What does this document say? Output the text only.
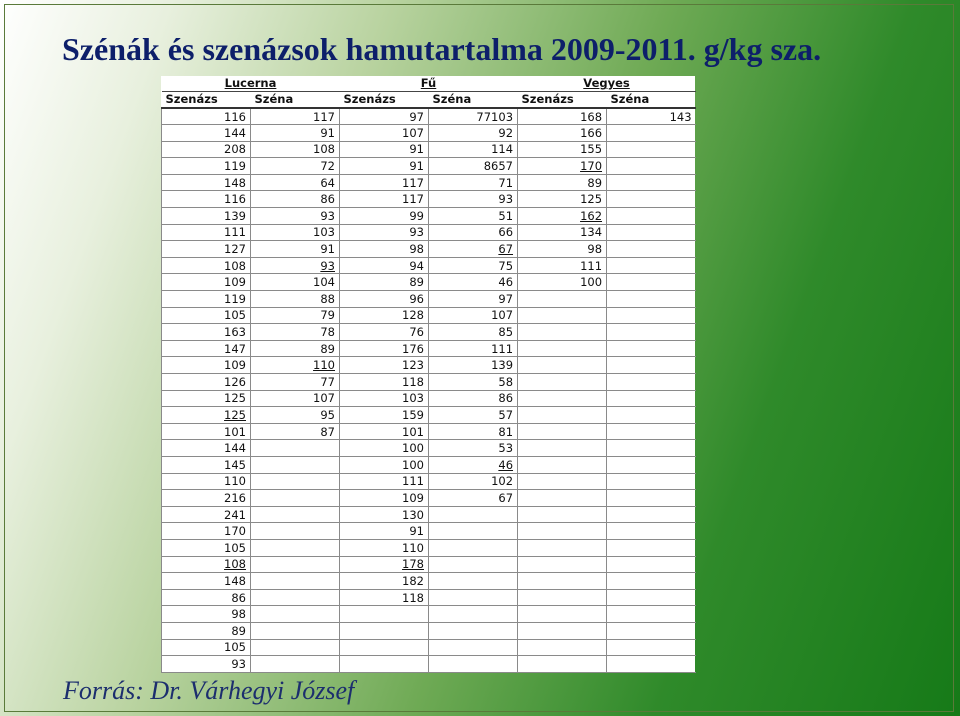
Szénák és szenázsok hamutartalma 2009-2011. g/kg sza.
Lucerna		Fű		Vegyes	
Szenázs	Széna	Szenázs	Széna	Szenázs	Széna
116	117	97	77103	168	143
144	91	107	92	166	
208	108	91	114	155	
119	72	91	8657	170	
148	64	117	71	89	
116	86	117	93	125	
139	93	99	51	162	
111	103	93	66	134	
127	91	98	67	98	
108	93	94	75	111	
109	104	89	46	100	
119	88	96	97		
105	79	128	107		
163	78	76	85		
147	89	176	111		
109	110	123	139		
126	77	118	58		
125	107	103	86		
125	95	159	57		
101	87	101	81		
144		100	53		
145		100	46		
110		111	102		
216		109	67		
241		130			
170		91			
105		110			
108		178			
148		182			
86		118			
98					
89					
105					
93					
Forrás: Dr. Várhegyi József
